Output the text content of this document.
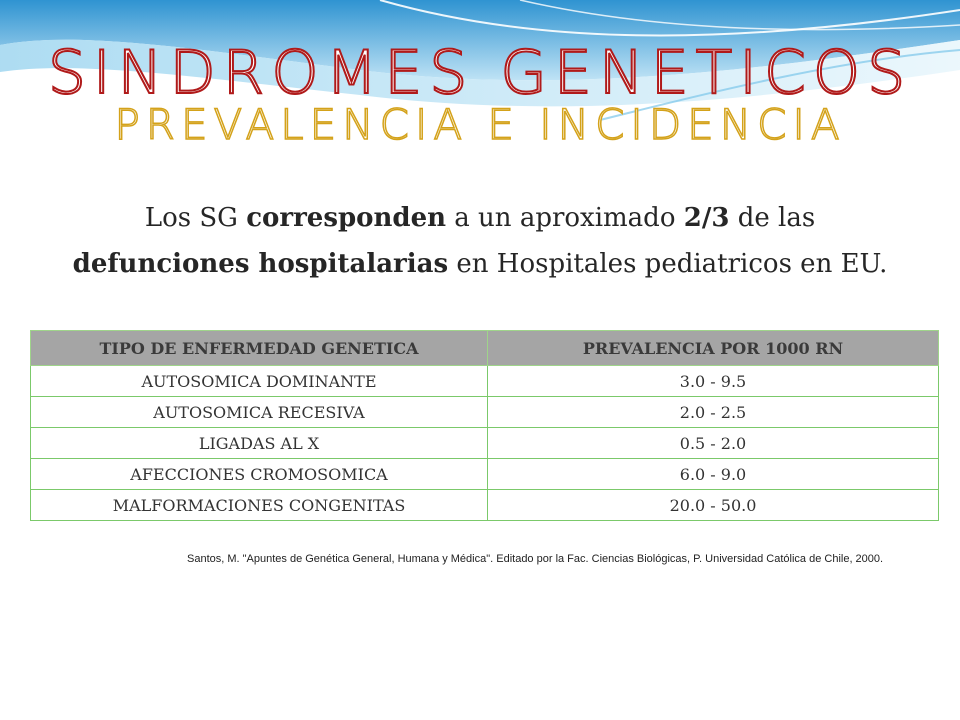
SINDROMES GENETICOS
PREVALENCIA E INCIDENCIA
Los SG corresponden a un aproximado 2/3 de las
defunciones hospitalarias en Hospitales pediatricos en EU.
TIPO DE ENFERMEDAD GENETICA	PREVALENCIA POR 1000 RN
AUTOSOMICA DOMINANTE	3.0 - 9.5
AUTOSOMICA RECESIVA	2.0 - 2.5
LIGADAS AL X	0.5 - 2.0
AFECCIONES CROMOSOMICA	6.0 - 9.0
MALFORMACIONES CONGENITAS	20.0 - 50.0
Santos, M. "Apuntes de Genética General, Humana y Médica". Editado por la Fac. Ciencias Biológicas, P. Universidad Católica de Chile, 2000.
